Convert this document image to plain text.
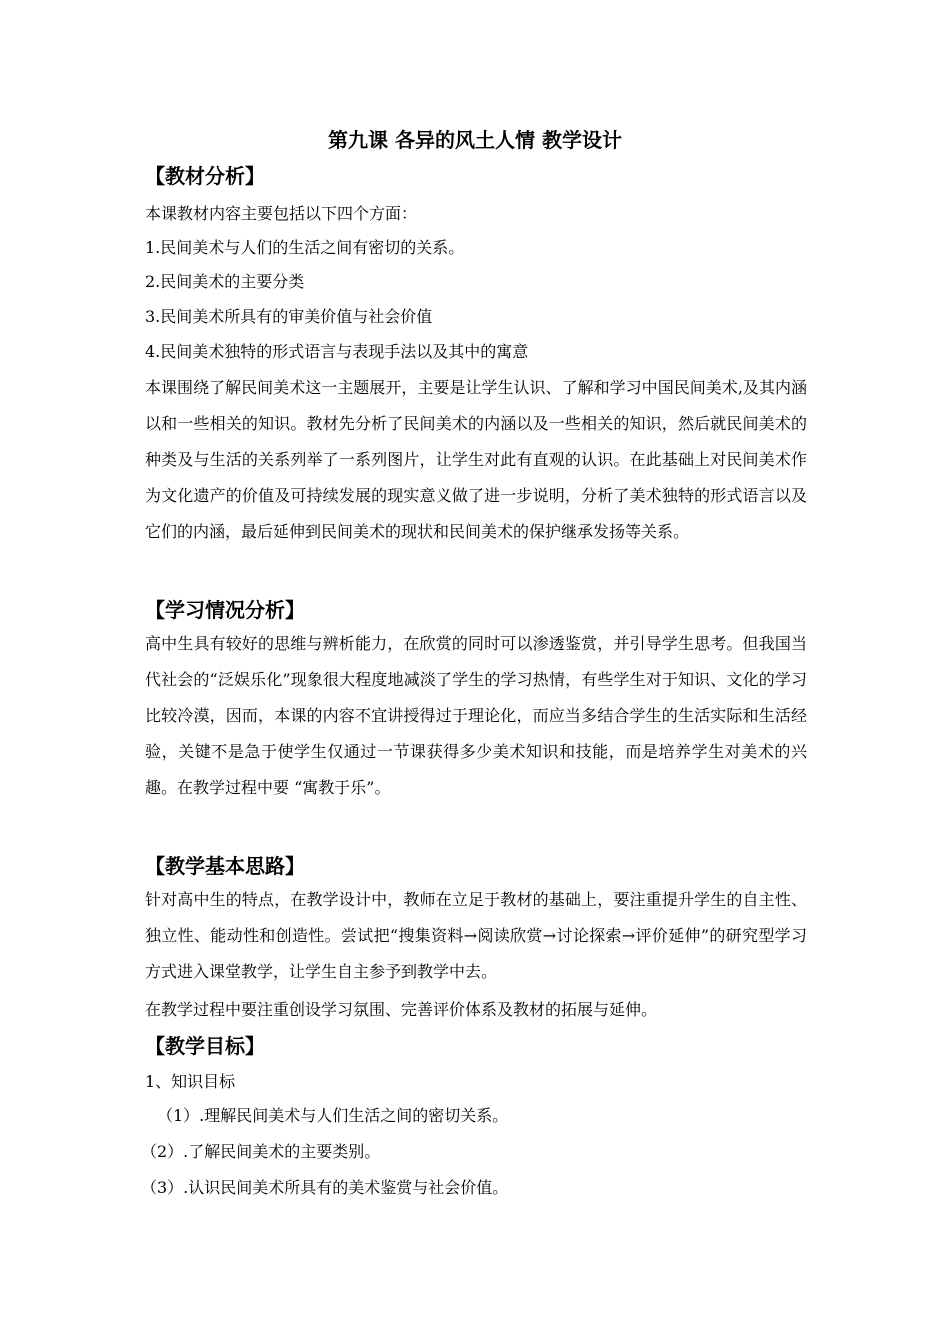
第九课 各异的风土人情 教学设计
【教材分析】
本课教材内容主要包括以下四个方面：
1.民间美术与人们的生活之间有密切的关系。
2.民间美术的主要分类
3.民间美术所具有的审美价值与社会价值
4.民间美术独特的形式语言与表现手法以及其中的寓意
本课围绕了解民间美术这一主题展开，主要是让学生认识、了解和学习中国民间美术,及其内涵以和一些相关的知识。教材先分析了民间美术的内涵以及一些相关的知识，然后就民间美术的种类及与生活的关系列举了一系列图片，让学生对此有直观的认识。在此基础上对民间美术作为文化遗产的价值及可持续发展的现实意义做了进一步说明，分析了美术独特的形式语言以及它们的内涵，最后延伸到民间美术的现状和民间美术的保护继承发扬等关系。
【学习情况分析】
高中生具有较好的思维与辨析能力，在欣赏的同时可以渗透鉴赏，并引导学生思考。但我国当代社会的“泛娱乐化”现象很大程度地减淡了学生的学习热情，有些学生对于知识、文化的学习比较冷漠，因而，本课的内容不宜讲授得过于理论化，而应当多结合学生的生活实际和生活经验，关键不是急于使学生仅通过一节课获得多少美术知识和技能，而是培养学生对美术的兴趣。在教学过程中要 “寓教于乐”。
【教学基本思路】
针对高中生的特点，在教学设计中，教师在立足于教材的基础上，要注重提升学生的自主性、独立性、能动性和创造性。尝试把“搜集资料→阅读欣赏→讨论探索→评价延伸”的研究型学习方式进入课堂教学，让学生自主参予到教学中去。
在教学过程中要注重创设学习氛围、完善评价体系及教材的拓展与延伸。
【教学目标】
1、知识目标
（1）.理解民间美术与人们生活之间的密切关系。
（2）.了解民间美术的主要类别。
（3）.认识民间美术所具有的美术鉴赏与社会价值。
